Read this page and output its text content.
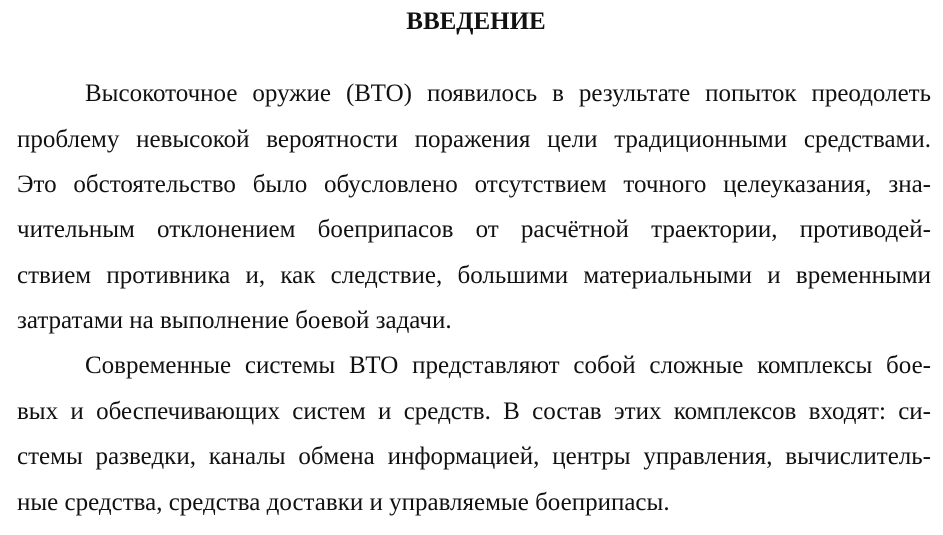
ВВЕДЕНИЕ
Высокоточное оружие (ВТО) появилось в результате попыток преодолеть
проблему невысокой вероятности поражения цели традиционными средствами.
Это обстоятельство было обусловлено отсутствием точного целеуказания, зна-
чительным отклонением боеприпасов от расчётной траектории, противодей-
ствием противника и, как следствие, большими материальными и временными
затратами на выполнение боевой задачи.
Современные системы ВТО представляют собой сложные комплексы бое-
вых и обеспечивающих систем и средств. В состав этих комплексов входят: си-
стемы разведки, каналы обмена информацией, центры управления, вычислитель-
ные средства, средства доставки и управляемые боеприпасы.
